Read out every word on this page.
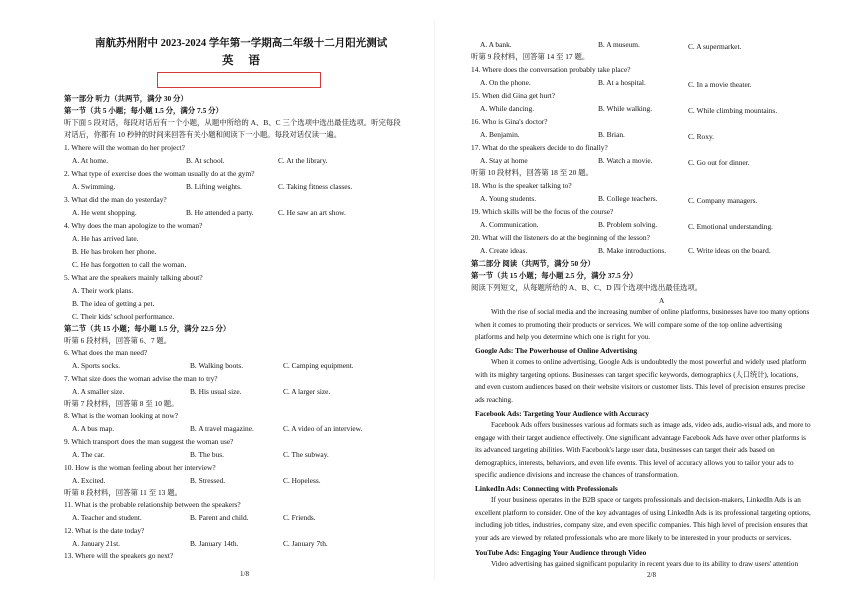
南航苏州附中 2023-2024 学年第一学期高二年级十二月阳光测试
英 语
第一部分 听力（共两节，满分 30 分）
第一节（共 5 小题；每小题 1.5 分，满分 7.5 分）
听下面 5 段对话，每段对话后有一个小题，从题中所给的 A、B、C 三个选项中选出最佳选项。听完每段
对话后，你都有 10 秒钟的时间来回答有关小题和阅读下一小题。每段对话仅读一遍。
1. Where will the woman do her project?
A. At home.	B. At school.	C. At the library.
2. What type of exercise does the woman usually do at the gym?
A. Swimming.	B. Lifting weights.	C. Taking fitness classes.
3. What did the man do yesterday?
A. He went shopping.	B. He attended a party.	C. He saw an art show.
4. Why does the man apologize to the woman?
A. He has arrived late.
B. He has broken her phone.
C. He has forgotten to call the woman.
5. What are the speakers mainly talking about?
A. Their work plans.
B. The idea of getting a pet.
C. Their kids' school performance.
第二节（共 15 小题；每小题 1.5 分，满分 22.5 分）
听第 6 段材料，回答第 6、7 题。
6. What does the man need?
A. Sports socks.	B. Walking boots.	C. Camping equipment.
7. What size does the woman advise the man to try?
A. A smaller size.	B. His usual size.	C. A larger size.
听第 7 段材料，回答第 8 至 10 题。
8. What is the woman looking at now?
A. A bus map.	B. A travel magazine.	C. A video of an interview.
9. Which transport does the man suggest the woman use?
A. The car.	B. The bus.	C. The subway.
10. How is the woman feeling about her interview?
A. Excited.	B. Stressed.	C. Hopeless.
听第 8 段材料，回答第 11 至 13 题。
11. What is the probable relationship between the speakers?
A. Teacher and student.	B. Parent and child.	C. Friends.
12. What is the date today?
A. January 21st.	B. January 14th.	C. January 7th.
13. Where will the speakers go next?
1/8
A. A bank.	B. A museum.	C. A supermarket.
听第 9 段材料，回答第 14 至 17 题。
14. Where does the conversation probably take place?
A. On the phone.	B. At a hospital.	C. In a movie theater.
15. When did Gina get hurt?
A. While dancing.	B. While walking.	C. While climbing mountains.
16. Who is Gina's doctor?
A. Benjamin.	B. Brian.	C. Roxy.
17. What do the speakers decide to do finally?
A. Stay at home	B. Watch a movie.	C. Go out for dinner.
听第 10 段材料，回答第 18 至 20 题。
18. Who is the speaker talking to?
A. Young students.	B. College teachers.	C. Company managers.
19. Which skills will be the focus of the course?
A. Communication.	B. Problem solving.	C. Emotional understanding.
20. What will the listeners do at the beginning of the lesson?
A. Create ideas.	B. Make introductions.	C. Write ideas on the board.
第二部分 阅读（共两节，满分 50 分）
第一节（共 15 小题；每小题 2.5 分，满分 37.5 分）
阅读下列短文，从每题所给的 A、B、C、D 四个选项中选出最佳选项。
A
With the rise of social media and the increasing number of online platforms, businesses have too many options
when it comes to promoting their products or services. We will compare some of the top online advertising
platforms and help you determine which one is right for you.
Google Ads: The Powerhouse of Online Advertising
When it comes to online advertising, Google Ads is undoubtedly the most powerful and widely used platform
with its mighty targeting options. Businesses can target specific keywords, demographics (人口统计), locations,
and even custom audiences based on their website visitors or customer lists. This level of precision ensures precise
ads reaching.
Facebook Ads: Targeting Your Audience with Accuracy
Facebook Ads offers businesses various ad formats such as image ads, video ads, audio-visual ads, and more to
engage with their target audience effectively. One significant advantage Facebook Ads have over other platforms is
its advanced targeting abilities. With Facebook's large user data, businesses can target their ads based on
demographics, interests, behaviors, and even life events. This level of accuracy allows you to tailor your ads to
specific audience divisions and increase the chances of transformation.
LinkedIn Ads: Connecting with Professionals
If your business operates in the B2B space or targets professionals and decision-makers, LinkedIn Ads is an
excellent platform to consider. One of the key advantages of using LinkedIn Ads is its professional targeting options,
including job titles, industries, company size, and even specific companies. This high level of precision ensures that
your ads are viewed by related professionals who are more likely to be interested in your products or services.
YouTube Ads: Engaging Your Audience through Video
Video advertising has gained significant popularity in recent years due to its ability to draw users' attention
2/8
